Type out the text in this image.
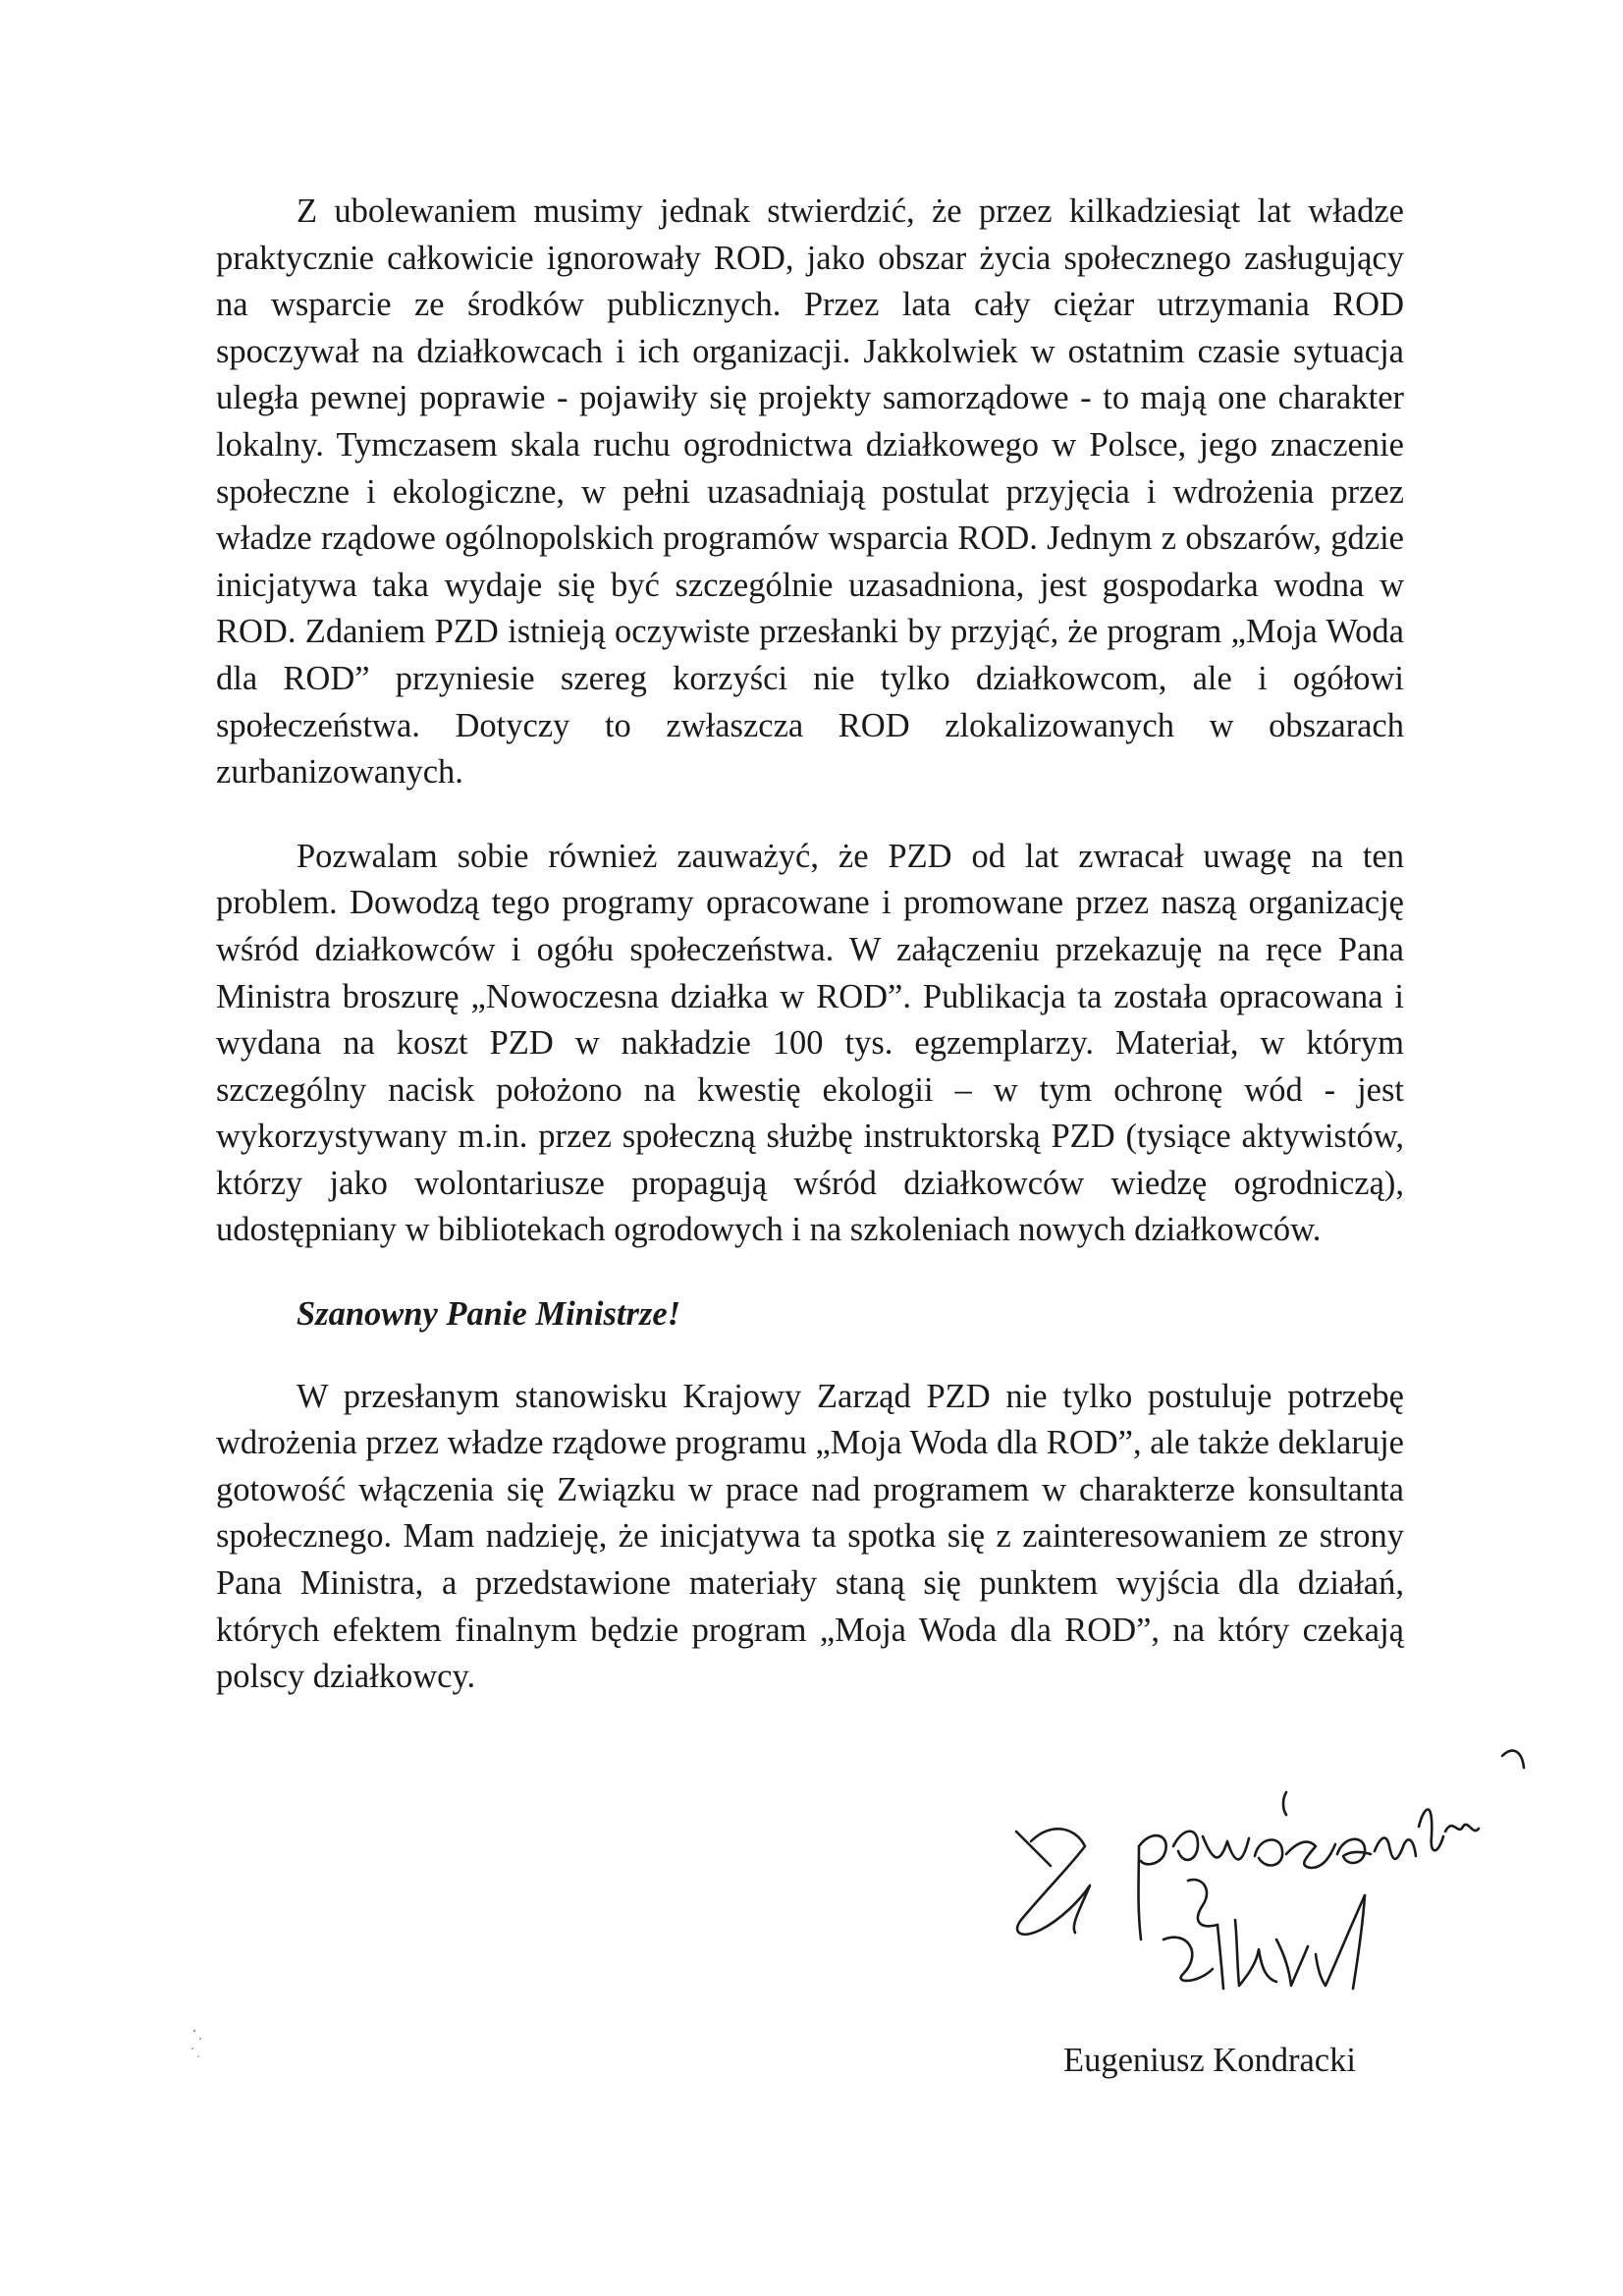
Z ubolewaniem musimy jednak stwierdzić, że przez kilkadziesiąt lat władze praktycznie całkowicie ignorowały ROD, jako obszar życia społecznego zasługujący na wsparcie ze środków publicznych. Przez lata cały ciężar utrzymania ROD spoczywał na działkowcach i ich organizacji. Jakkolwiek w ostatnim czasie sytuacja uległa pewnej poprawie - pojawiły się projekty samorządowe - to mają one charakter lokalny. Tymczasem skala ruchu ogrodnictwa działkowego w Polsce, jego znaczenie społeczne i ekologiczne, w pełni uzasadniają postulat przyjęcia i wdrożenia przez władze rządowe ogólnopolskich programów wsparcia ROD. Jednym z obszarów, gdzie inicjatywa taka wydaje się być szczególnie uzasadniona, jest gospodarka wodna w ROD. Zdaniem PZD istnieją oczywiste przesłanki by przyjąć, że program „Moja Woda dla ROD” przyniesie szereg korzyści nie tylko działkowcom, ale i ogółowi społeczeństwa. Dotyczy to zwłaszcza ROD zlokalizowanych w obszarach zurbanizowanych.

Pozwalam sobie również zauważyć, że PZD od lat zwracał uwagę na ten problem. Dowodzą tego programy opracowane i promowane przez naszą organizację wśród działkowców i ogółu społeczeństwa. W załączeniu przekazuję na ręce Pana Ministra broszurę „Nowoczesna działka w ROD”. Publikacja ta została opracowana i wydana na koszt PZD w nakładzie 100 tys. egzemplarzy. Materiał, w którym szczególny nacisk położono na kwestię ekologii – w tym ochronę wód - jest wykorzystywany m.in. przez społeczną służbę instruktorską PZD (tysiące aktywistów, którzy jako wolontariusze propagują wśród działkowców wiedzę ogrodniczą), udostępniany w bibliotekach ogrodowych i na szkoleniach nowych działkowców.

Szanowny Panie Ministrze!

W przesłanym stanowisku Krajowy Zarząd PZD nie tylko postuluje potrzebę wdrożenia przez władze rządowe programu „Moja Woda dla ROD”, ale także deklaruje gotowość włączenia się Związku w prace nad programem w charakterze konsultanta społecznego. Mam nadzieję, że inicjatywa ta spotka się z zainteresowaniem ze strony Pana Ministra, a przedstawione materiały staną się punktem wyjścia dla działań, których efektem finalnym będzie program „Moja Woda dla ROD”, na który czekają polscy działkowcy.

Eugeniusz Kondracki
